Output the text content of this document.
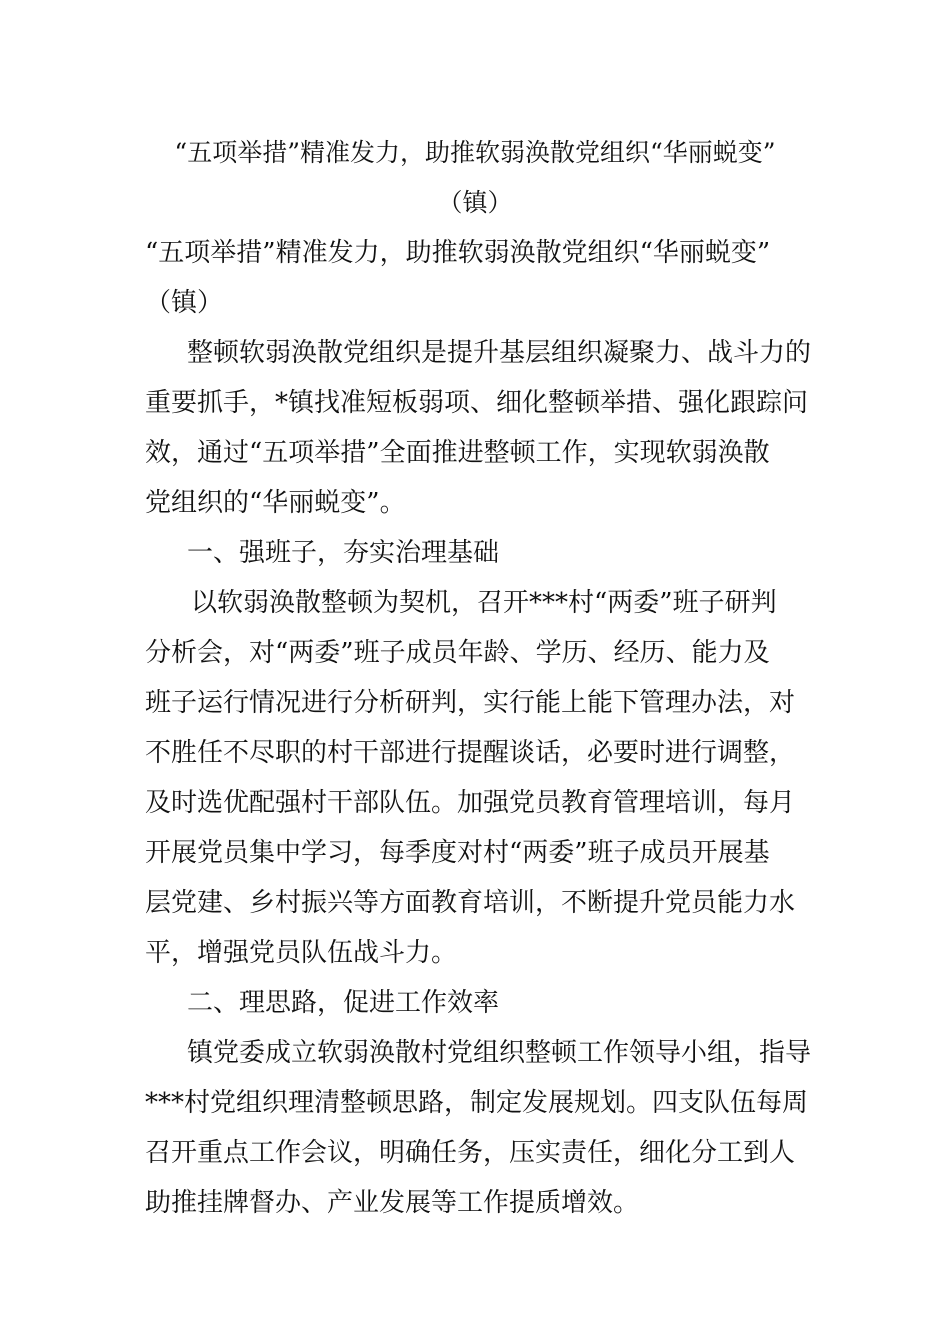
“五项举措”精准发力，助推软弱涣散党组织“华丽蜕变”
（镇）
“五项举措”精准发力，助推软弱涣散党组织“华丽蜕变”
（镇）
整顿软弱涣散党组织是提升基层组织凝聚力、战斗力的
重要抓手，*镇找准短板弱项、细化整顿举措、强化跟踪问
效，通过“五项举措”全面推进整顿工作，实现软弱涣散
党组织的“华丽蜕变”。
一、强班子，夯实治理基础
以软弱涣散整顿为契机，召开***村“两委”班子研判
分析会，对“两委”班子成员年龄、学历、经历、能力及
班子运行情况进行分析研判，实行能上能下管理办法，对
不胜任不尽职的村干部进行提醒谈话，必要时进行调整，
及时选优配强村干部队伍。加强党员教育管理培训，每月
开展党员集中学习，每季度对村“两委”班子成员开展基
层党建、乡村振兴等方面教育培训，不断提升党员能力水
平，增强党员队伍战斗力。
二、理思路，促进工作效率
镇党委成立软弱涣散村党组织整顿工作领导小组，指导
***村党组织理清整顿思路，制定发展规划。四支队伍每周
召开重点工作会议，明确任务，压实责任，细化分工到人
助推挂牌督办、产业发展等工作提质增效。
